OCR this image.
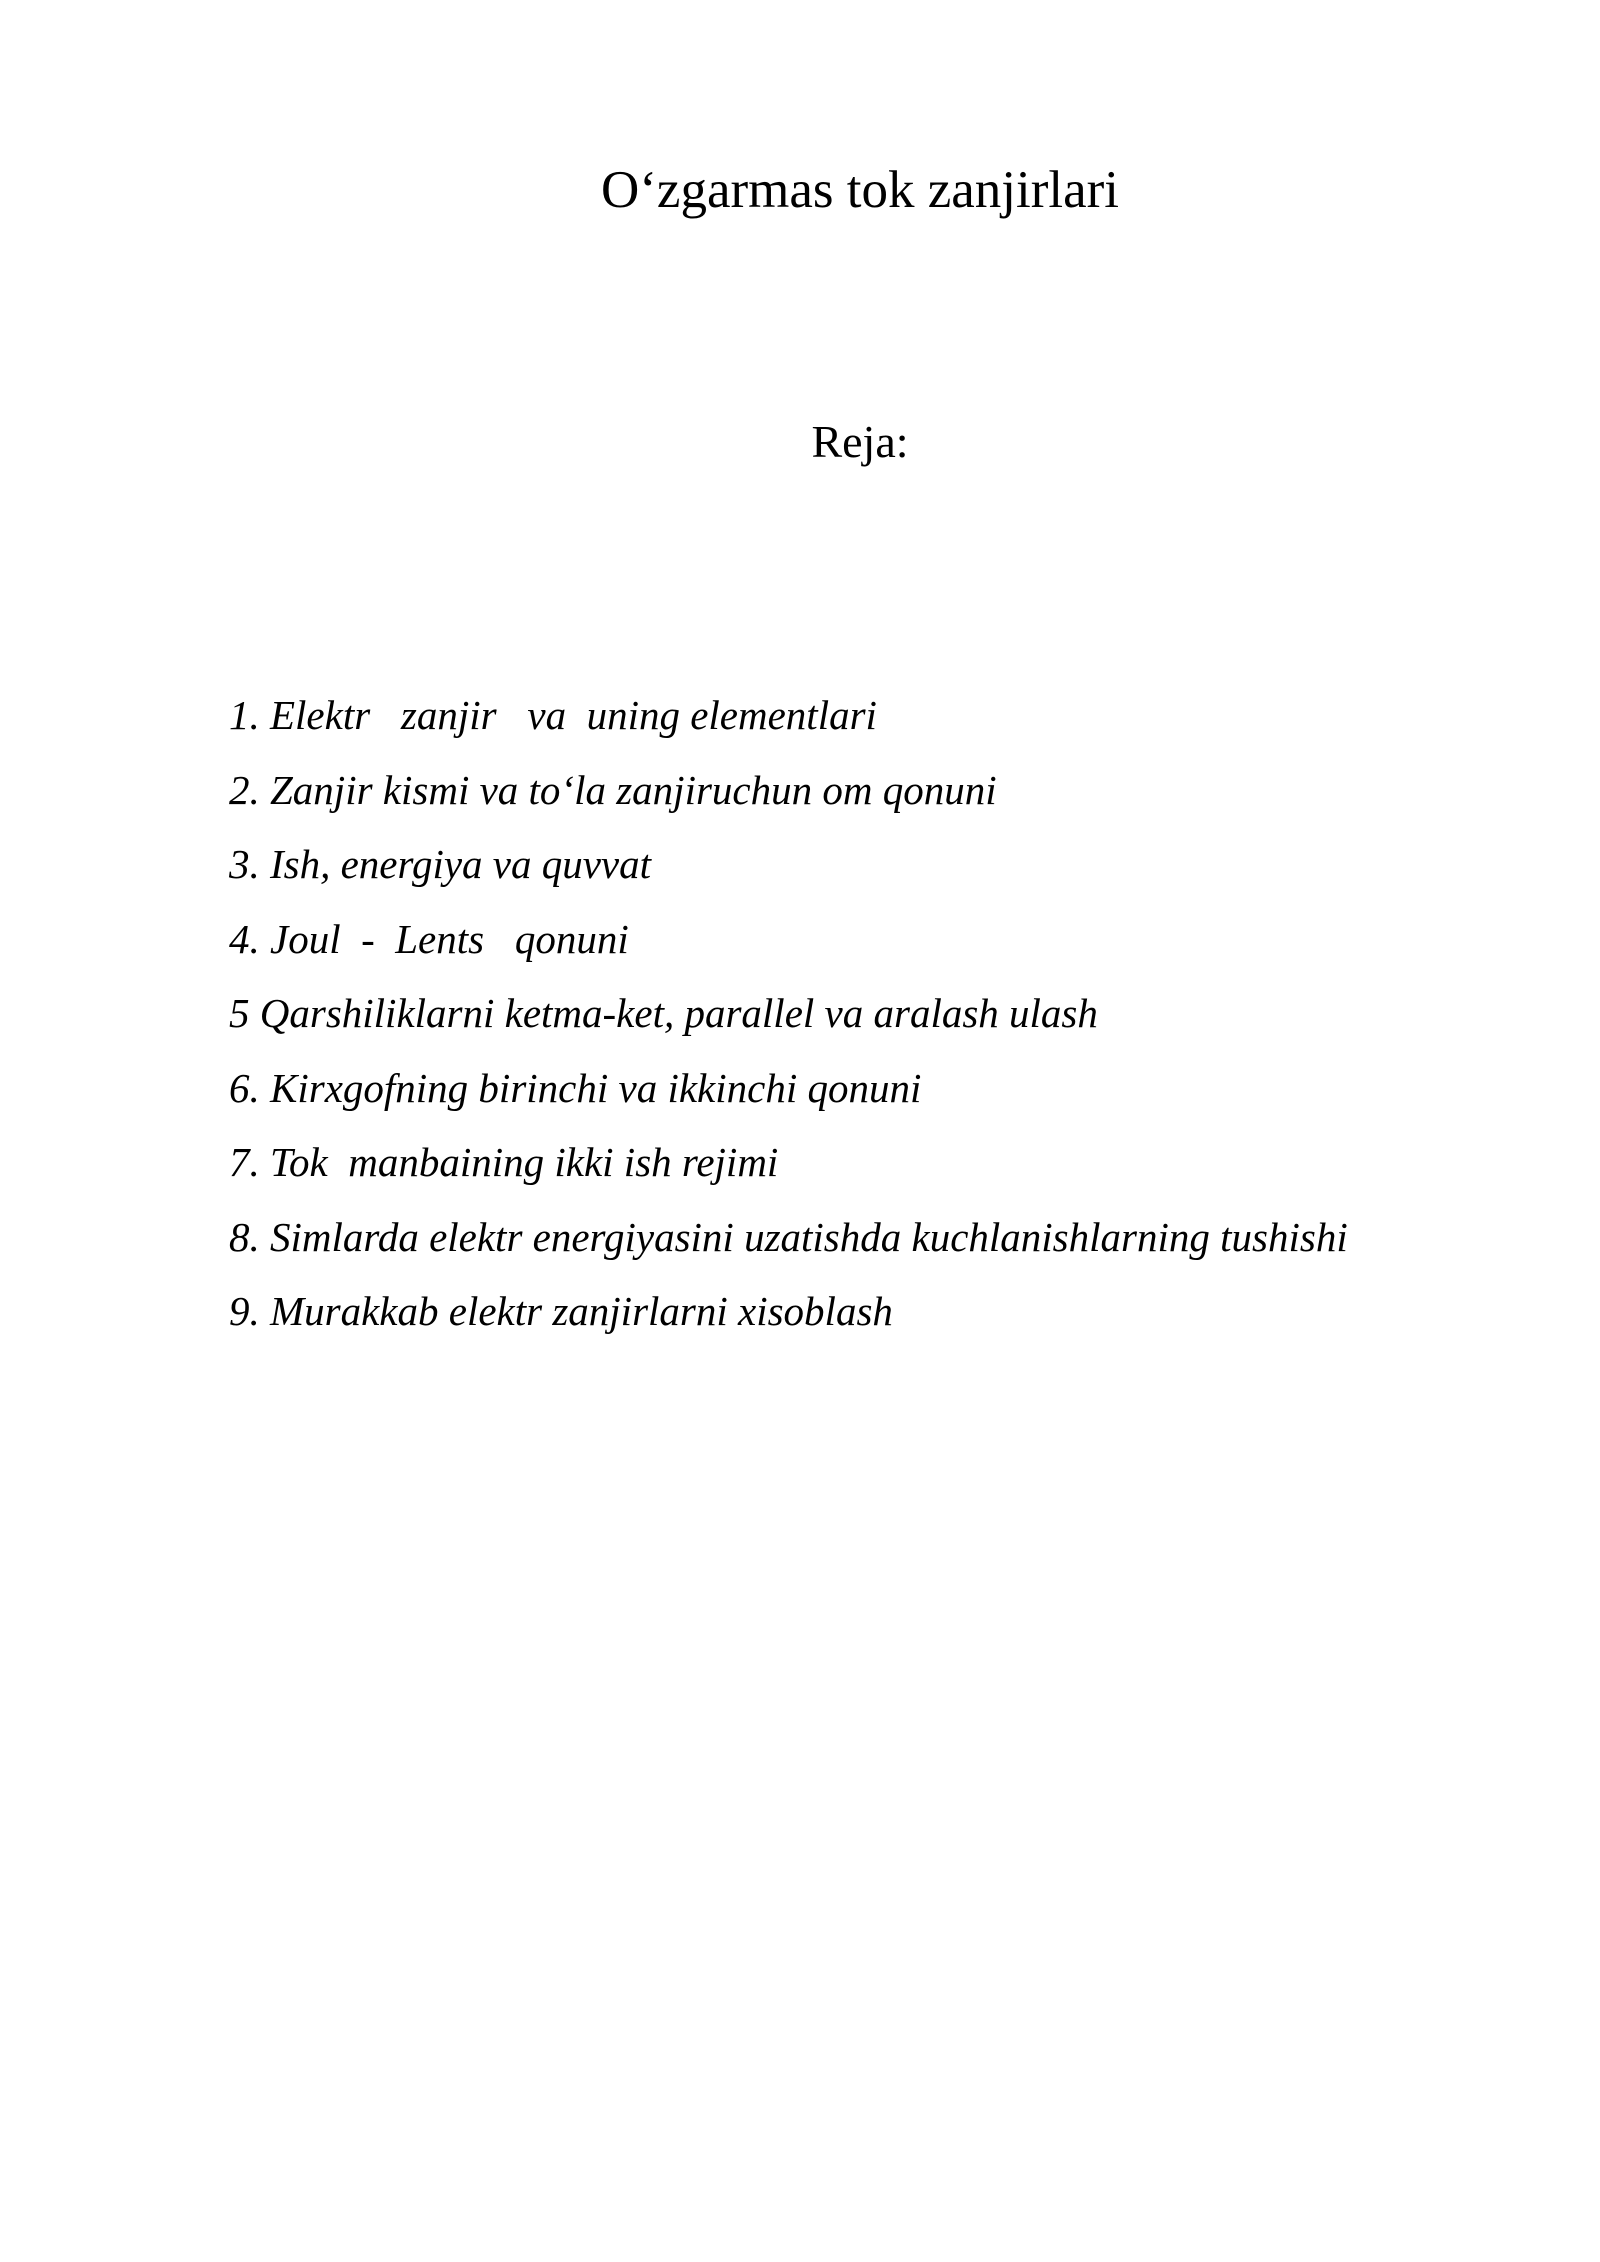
O‘zgarmas tok zanjirlari
Reja:
1. Elektr   zanjir   va  uning elementlari
2. Zanjir kismi va to‘la zanjiruchun om qonuni
3. Ish, energiya va quvvat
4. Joul  -  Lents   qonuni
5 Qarshiliklarni ketma-ket, parallel va aralash ulash
6. Kirxgofning birinchi va ikkinchi qonuni
7. Tok  manbaining ikki ish rejimi
8. Simlarda elektr energiyasini uzatishda kuchlanishlarning tushishi
9. Murakkab elektr zanjirlarni xisoblash
